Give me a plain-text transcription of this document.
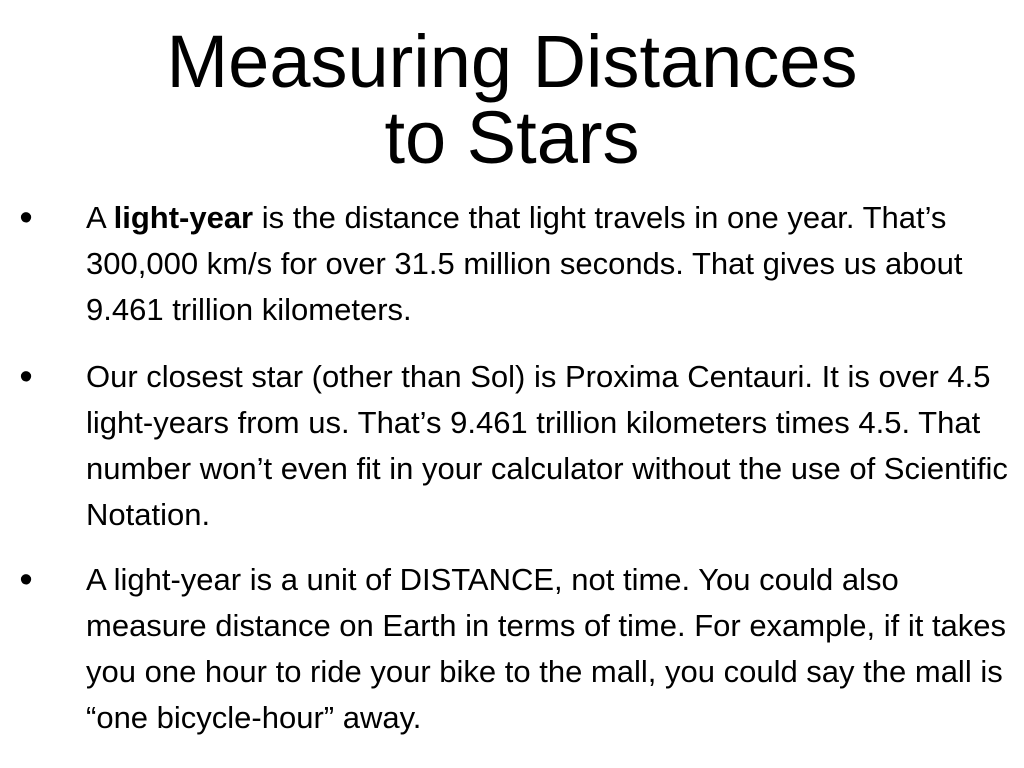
Measuring Distances
to Stars

•	A light-year is the distance that light travels in one year. That’s 300,000 km/s for over 31.5 million seconds. That gives us about 9.461 trillion kilometers.

•	Our closest star (other than Sol) is Proxima Centauri. It is over 4.5 light-years from us. That’s 9.461 trillion kilometers times 4.5. That number won’t even fit in your calculator without the use of Scientific Notation.

•	A light-year is a unit of DISTANCE, not time. You could also measure distance on Earth in terms of time. For example, if it takes you one hour to ride your bike to the mall, you could say the mall is “one bicycle-hour” away.
